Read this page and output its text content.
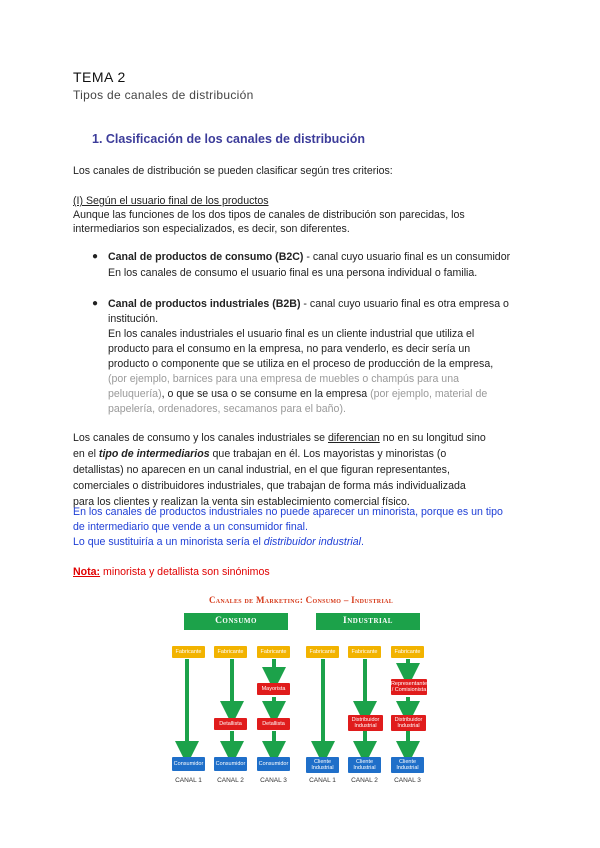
TEMA 2
Tipos de canales de distribución
1. Clasificación de los canales de distribución
Los canales de distribución se pueden clasificar según tres criterios:
(I) Según el usuario final de los productos
Aunque las funciones de los dos tipos de canales de distribución son parecidas, los
intermediarios son especializados, es decir, son diferentes.
● Canal de productos de consumo (B2C) - canal cuyo usuario final es un consumidor
En los canales de consumo el usuario final es una persona individual o familia.
● Canal de productos industriales (B2B) - canal cuyo usuario final es otra empresa o
institución.
En los canales industriales el usuario final es un cliente industrial que utiliza el
producto para el consumo en la empresa, no para venderlo, es decir sería un
producto o componente que se utiliza en el proceso de producción de la empresa,
(por ejemplo, barnices para una empresa de muebles o champús para una
peluquería), o que se usa o se consume en la empresa (por ejemplo, material de
papelería, ordenadores, secamanos para el baño).
Los canales de consumo y los canales industriales se diferencian no en su longitud sino
en el tipo de intermediarios que trabajan en él. Los mayoristas y minoristas (o
detallistas) no aparecen en un canal industrial, en el que figuran representantes,
comerciales o distribuidores industriales, que trabajan de forma más individualizada
para los clientes y realizan la venta sin establecimiento comercial físico.
En los canales de productos industriales no puede aparecer un minorista, porque es un tipo
de intermediario que vende a un consumidor final.
Lo que sustituiría a un minorista sería el distribuidor industrial.
Nota: minorista y detallista son sinónimos
Canales de Marketing: Consumo – Industrial
Consumo	Industrial
Fabricante	Fabricante	Fabricante	Fabricante	Fabricante	Fabricante
Mayorista
Detallista	Detallista
Representante / Comisionista
Distribuidor Industrial
Distribuidor Industrial
Consumidor	Consumidor	Consumidor	Cliente Industrial
Cliente Industrial
Cliente Industrial
CANAL 1	CANAL 2	CANAL 3	CANAL 1	CANAL 2	CANAL 3
